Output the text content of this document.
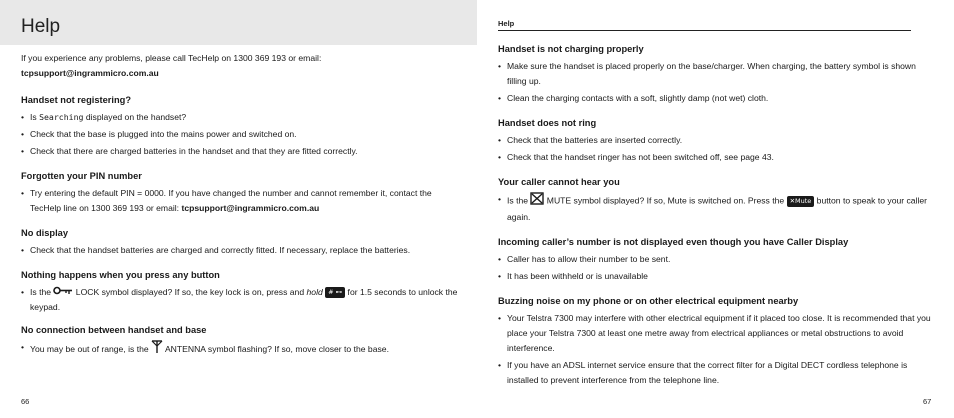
Help

If you experience any problems, please call TecHelp on 1300 369 193 or email:
tcpsupport@ingrammicro.com.au

Handset not registering?

• Is Searching displayed on the handset?
• Check that the base is plugged into the mains power and switched on.
• Check that there are charged batteries in the handset and that they are fitted correctly.

Forgotten your PIN number

• Try entering the default PIN = 0000. If you have changed the number and cannot remember it, contact the TecHelp line on 1300 369 193 or email: tcpsupport@ingrammicro.com.au

No display

• Check that the handset batteries are charged and correctly fitted. If necessary, replace the batteries.

Nothing happens when you press any button

• Is the  LOCK symbol displayed? If so, the key lock is on, press and hold # ⊷ for 1.5 seconds to unlock the keypad.

No connection between handset and base

• You may be out of range, is the  ANTENNA symbol flashing? If so, move closer to the base.
66
Help

Handset is not charging properly

• Make sure the handset is placed properly on the base/charger. When charging, the battery symbol is shown filling up.
• Clean the charging contacts with a soft, slightly damp (not wet) cloth.

Handset does not ring

• Check that the batteries are inserted correctly.
• Check that the handset ringer has not been switched off, see page 43.

Your caller cannot hear you

• Is the  MUTE symbol displayed? If so, Mute is switched on. Press the ✕Mute button to speak to your caller again.

Incoming caller’s number is not displayed even though you have Caller Display

• Caller has to allow their number to be sent.
• It has been withheld or is unavailable

Buzzing noise on my phone or on other electrical equipment nearby

• Your Telstra 7300 may interfere with other electrical equipment if it placed too close. It is recommended that you place your Telstra 7300 at least one metre away from electrical appliances or metal obstructions to avoid interference.
• If you have an ADSL internet service ensure that the correct filter for a Digital DECT cordless telephone is installed to prevent interference from the telephone line.
67
